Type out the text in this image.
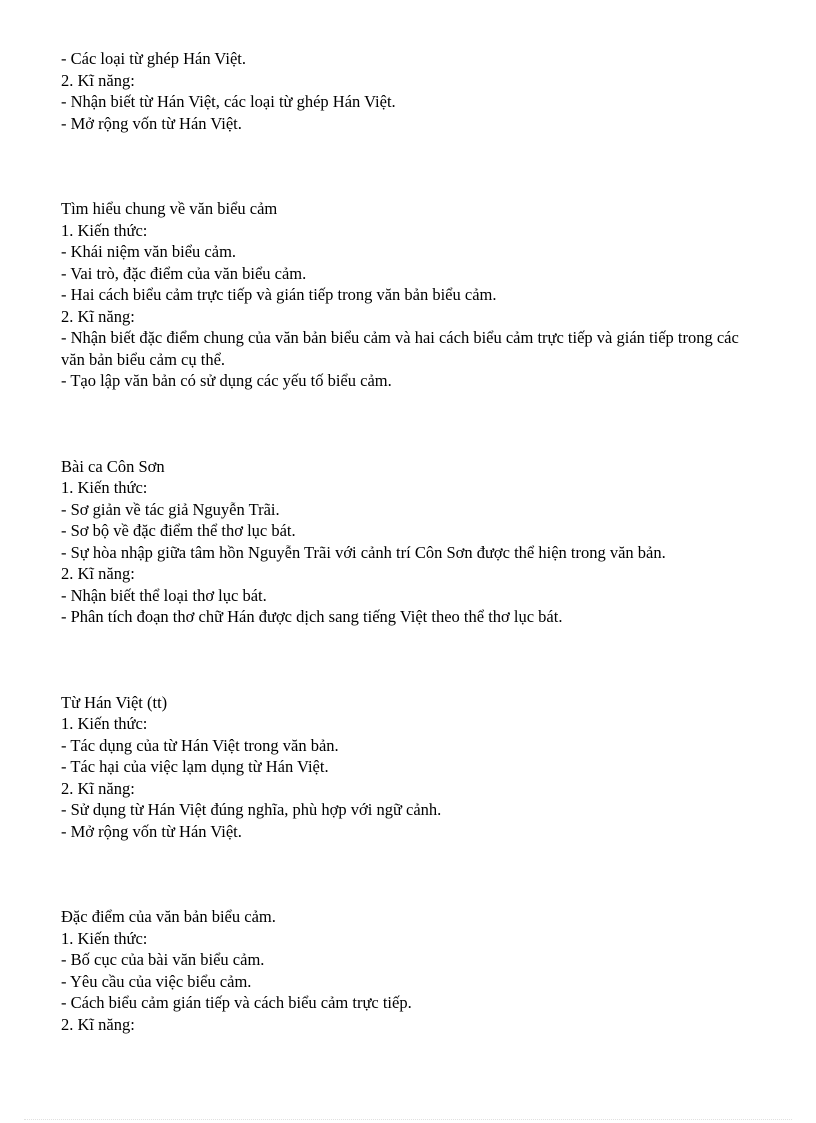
- Các loại từ ghép Hán Việt.

2. Kĩ năng:

- Nhận biết từ Hán Việt, các loại từ ghép Hán Việt.

- Mở rộng vốn từ Hán Việt.

Tìm hiểu chung về văn biểu cảm

1. Kiến thức:

- Khái niệm văn biểu cảm.

- Vai trò, đặc điểm của văn biểu cảm.

- Hai cách biểu cảm trực tiếp và gián tiếp trong văn bản biểu cảm.

2. Kĩ năng:

- Nhận biết đặc điểm chung của văn bản biểu cảm và hai cách biểu cảm trực tiếp và gián tiếp trong các văn bản biểu cảm cụ thể.

- Tạo lập văn bản có sử dụng các yếu tố biểu cảm.

Bài ca Côn Sơn

1. Kiến thức:

- Sơ giản về tác giả Nguyễn Trãi.

- Sơ bộ về đặc điểm thể thơ lục bát.

- Sự hòa nhập giữa tâm hồn Nguyễn Trãi với cảnh trí Côn Sơn được thể hiện trong văn bản.

2. Kĩ năng:

- Nhận biết thể loại thơ lục bát.

- Phân tích đoạn thơ chữ Hán được dịch sang tiếng Việt theo thể thơ lục bát.

Từ Hán Việt (tt)

1. Kiến thức:

- Tác dụng của từ Hán Việt trong văn bản.

- Tác hại của việc lạm dụng từ Hán Việt.

2. Kĩ năng:

- Sử dụng từ Hán Việt đúng nghĩa, phù hợp với ngữ cảnh.

- Mở rộng vốn từ Hán Việt.

Đặc điểm của văn bản biểu cảm.

1. Kiến thức:

- Bố cục của bài văn biểu cảm.

- Yêu cầu của việc biểu cảm.

- Cách biểu cảm gián tiếp và cách biểu cảm trực tiếp.

2. Kĩ năng:
